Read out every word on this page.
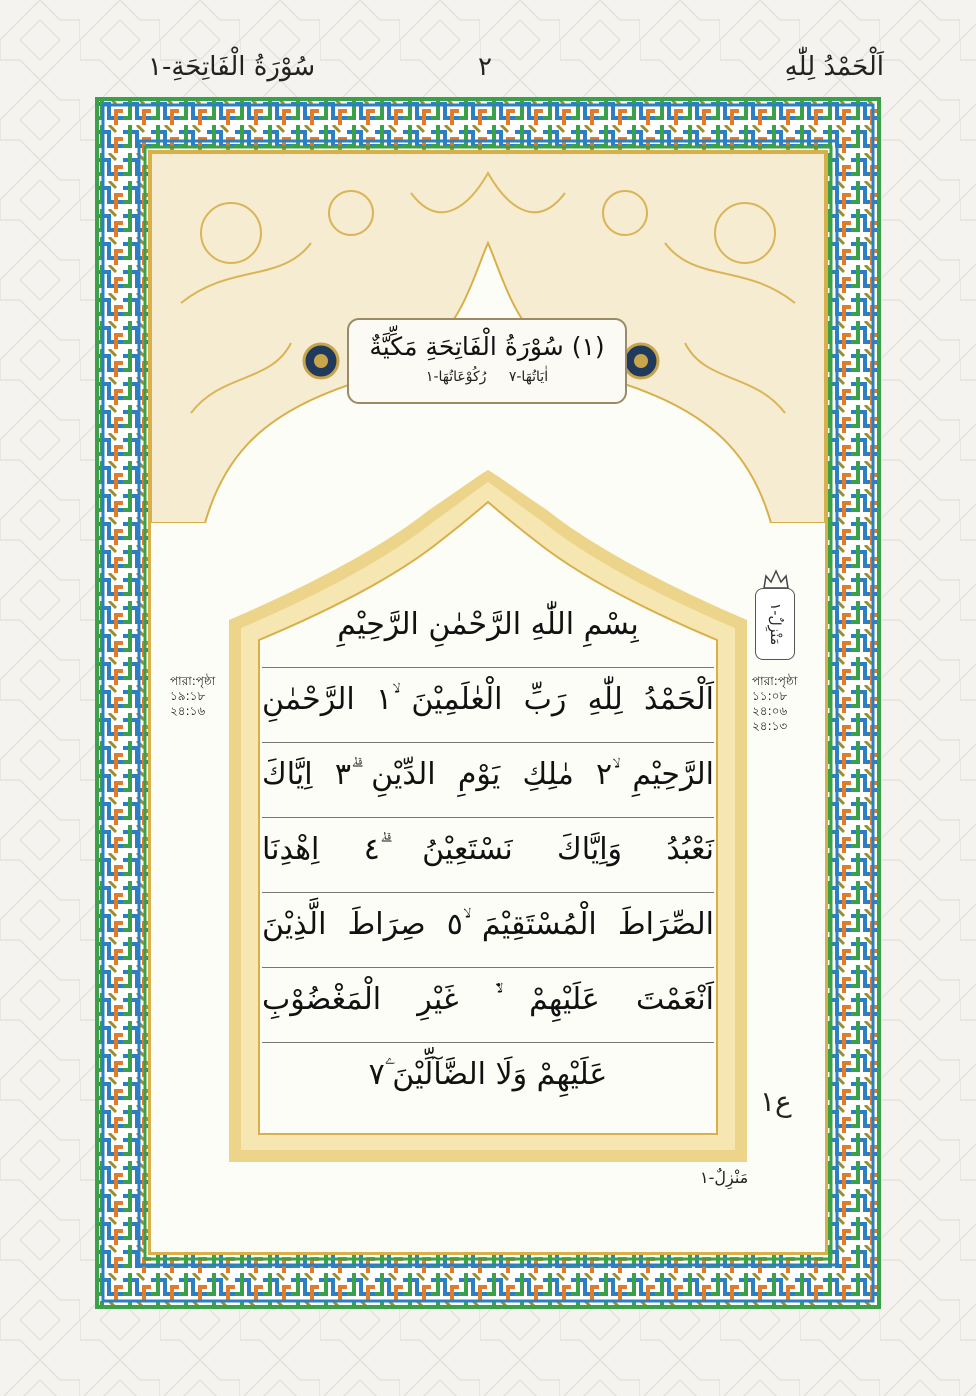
سُوْرَةُ الْفَاتِحَةِ-١	٢	اَلْحَمْدُ لِلّٰهِ
(١) سُوْرَةُ الْفَاتِحَةِ مَكِّيَّةٌ
اٰيَاتُهَا-٧ رُكُوْعَاتُهَا-١
بِسْمِ اللّٰهِ الرَّحْمٰنِ الرَّحِيْمِ
اَلْحَمْدُ لِلّٰهِ رَبِّ الْعٰلَمِيْنَ ۙ١ الرَّحْمٰنِ
الرَّحِيْمِ ۙ٢ مٰلِكِ يَوْمِ الدِّيْنِ ۗ٣ اِيَّاكَ
نَعْبُدُ وَاِيَّاكَ نَسْتَعِيْنُ ۗ٤ اِهْدِنَا
الصِّرَاطَ الْمُسْتَقِيْمَ ۙ٥ صِرَاطَ الَّذِيْنَ
اَنْعَمْتَ عَلَيْهِمْ ۙ۬ غَيْرِ الْمَغْضُوْبِ
عَلَيْهِمْ وَلَا الضَّآلِّيْنَ ۧ٧
পারা:পৃষ্ঠা
১৯:১৮
২৪:১৬
পারা:পৃষ্ঠা
১১:০৮
২৪:০৬
২৪:১৩
مَنْزِلٌ-١
ع١
مَنْزِلٌ-١
